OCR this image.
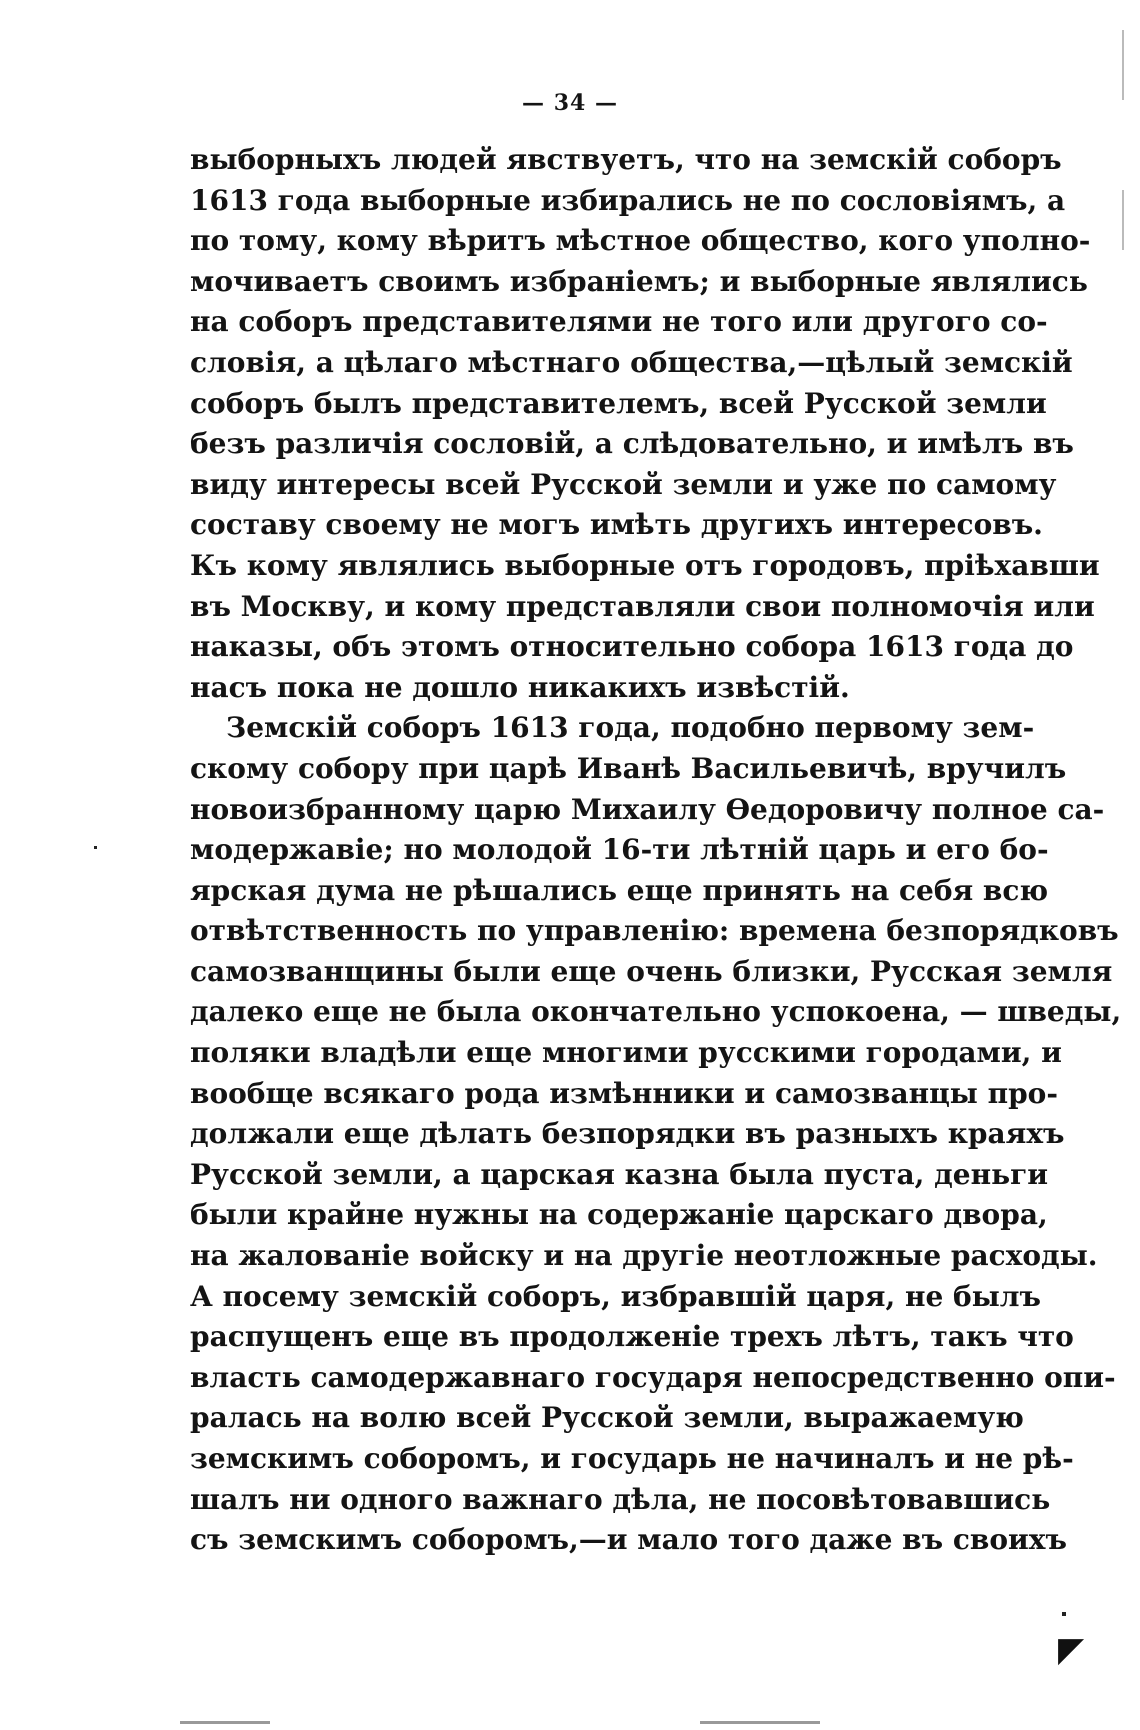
— 34 —
выборныхъ людей явствуетъ, что на земскій соборъ
1613 года выборные избирались не по сословіямъ, а
по тому, кому вѣритъ мѣстное общество, кого уполно-
мочиваетъ своимъ избраніемъ; и выборные являлись
на соборъ представителями не того или другого со-
словія, а цѣлаго мѣстнаго общества,—цѣлый земскій
соборъ былъ представителемъ, всей Русской земли
безъ различія сословій, а слѣдовательно, и имѣлъ въ
виду интересы всей Русской земли и уже по самому
составу своему не могъ имѣть другихъ интересовъ.
Къ кому являлись выборные отъ городовъ, пріѣхавши
въ Москву, и кому представляли свои полномочія или
наказы, объ этомъ относительно собора 1613 года до
насъ пока не дошло никакихъ извѣстій.
Земскій соборъ 1613 года, подобно первому зем-
скому собору при царѣ Иванѣ Васильевичѣ, вручилъ
новоизбранному царю Михаилу Ѳедоровичу полное са-
модержавіе; но молодой 16-ти лѣтній царь и его бо-
ярская дума не рѣшались еще принять на себя всю
отвѣтственность по управленію: времена безпорядковъ
самозванщины были еще очень близки, Русская земля
далеко еще не была окончательно успокоена, — шведы,
поляки владѣли еще многими русскими городами, и
вообще всякаго рода измѣнники и самозванцы про-
должали еще дѣлать безпорядки въ разныхъ краяхъ
Русской земли, а царская казна была пуста, деньги
были крайне нужны на содержаніе царскаго двора,
на жалованіе войску и на другіе неотложные расходы.
А посему земскій соборъ, избравшій царя, не былъ
распущенъ еще въ продолженіе трехъ лѣтъ, такъ что
власть самодержавнаго государя непосредственно опи-
ралась на волю всей Русской земли, выражаемую
земскимъ соборомъ, и государь не начиналъ и не рѣ-
шалъ ни одного важнаго дѣла, не посовѣтовавшись
съ земскимъ соборомъ,—и мало того даже въ своихъ
◤
